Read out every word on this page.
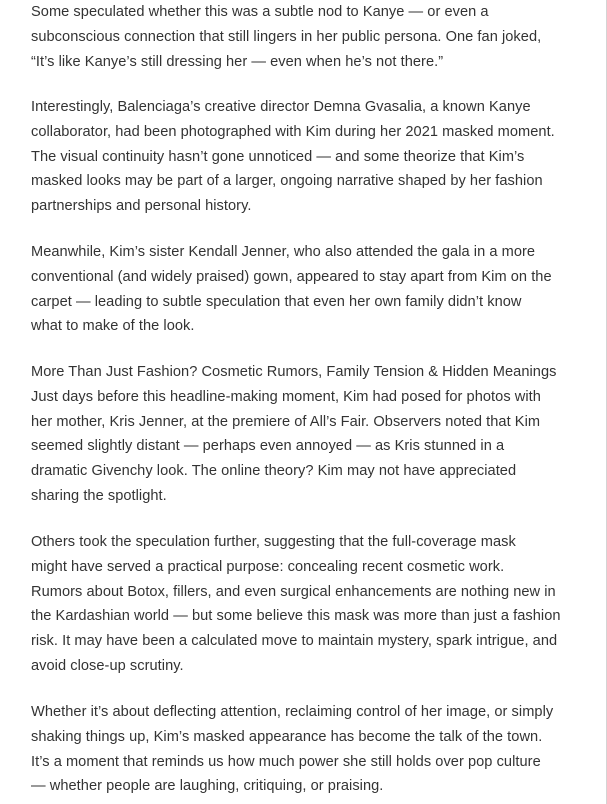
Some speculated whether this was a subtle nod to Kanye — or even a
subconscious connection that still lingers in her public persona. One fan joked,
“It’s like Kanye’s still dressing her — even when he’s not there.”

Interestingly, Balenciaga’s creative director Demna Gvasalia, a known Kanye
collaborator, had been photographed with Kim during her 2021 masked moment.
The visual continuity hasn’t gone unnoticed — and some theorize that Kim’s
masked looks may be part of a larger, ongoing narrative shaped by her fashion
partnerships and personal history.

Meanwhile, Kim’s sister Kendall Jenner, who also attended the gala in a more
conventional (and widely praised) gown, appeared to stay apart from Kim on the
carpet — leading to subtle speculation that even her own family didn’t know
what to make of the look.

More Than Just Fashion? Cosmetic Rumors, Family Tension & Hidden Meanings
Just days before this headline-making moment, Kim had posed for photos with
her mother, Kris Jenner, at the premiere of All’s Fair. Observers noted that Kim
seemed slightly distant — perhaps even annoyed — as Kris stunned in a
dramatic Givenchy look. The online theory? Kim may not have appreciated
sharing the spotlight.

Others took the speculation further, suggesting that the full-coverage mask
might have served a practical purpose: concealing recent cosmetic work.
Rumors about Botox, fillers, and even surgical enhancements are nothing new in
the Kardashian world — but some believe this mask was more than just a fashion
risk. It may have been a calculated move to maintain mystery, spark intrigue, and
avoid close-up scrutiny.

Whether it’s about deflecting attention, reclaiming control of her image, or simply
shaking things up, Kim’s masked appearance has become the talk of the town.
It’s a moment that reminds us how much power she still holds over pop culture
— whether people are laughing, critiquing, or praising.
